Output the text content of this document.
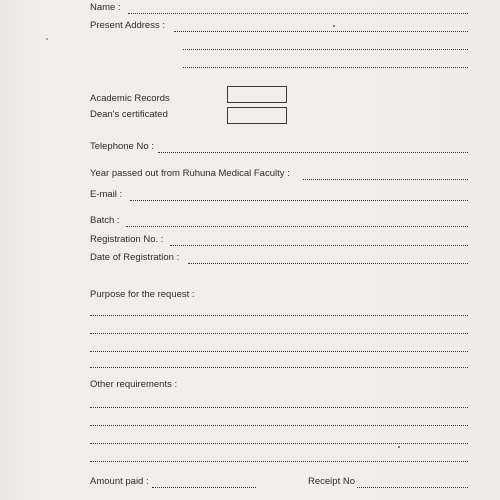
Name :
Present Address :
Academic Records
Dean's certificated
Telephone No :
Year passed out from Ruhuna Medical Faculty :
E-mail :
Batch :
Registration No. :
Date of Registration :
Purpose for the request :
Other requirements :
Amount paid :	Receipt No
